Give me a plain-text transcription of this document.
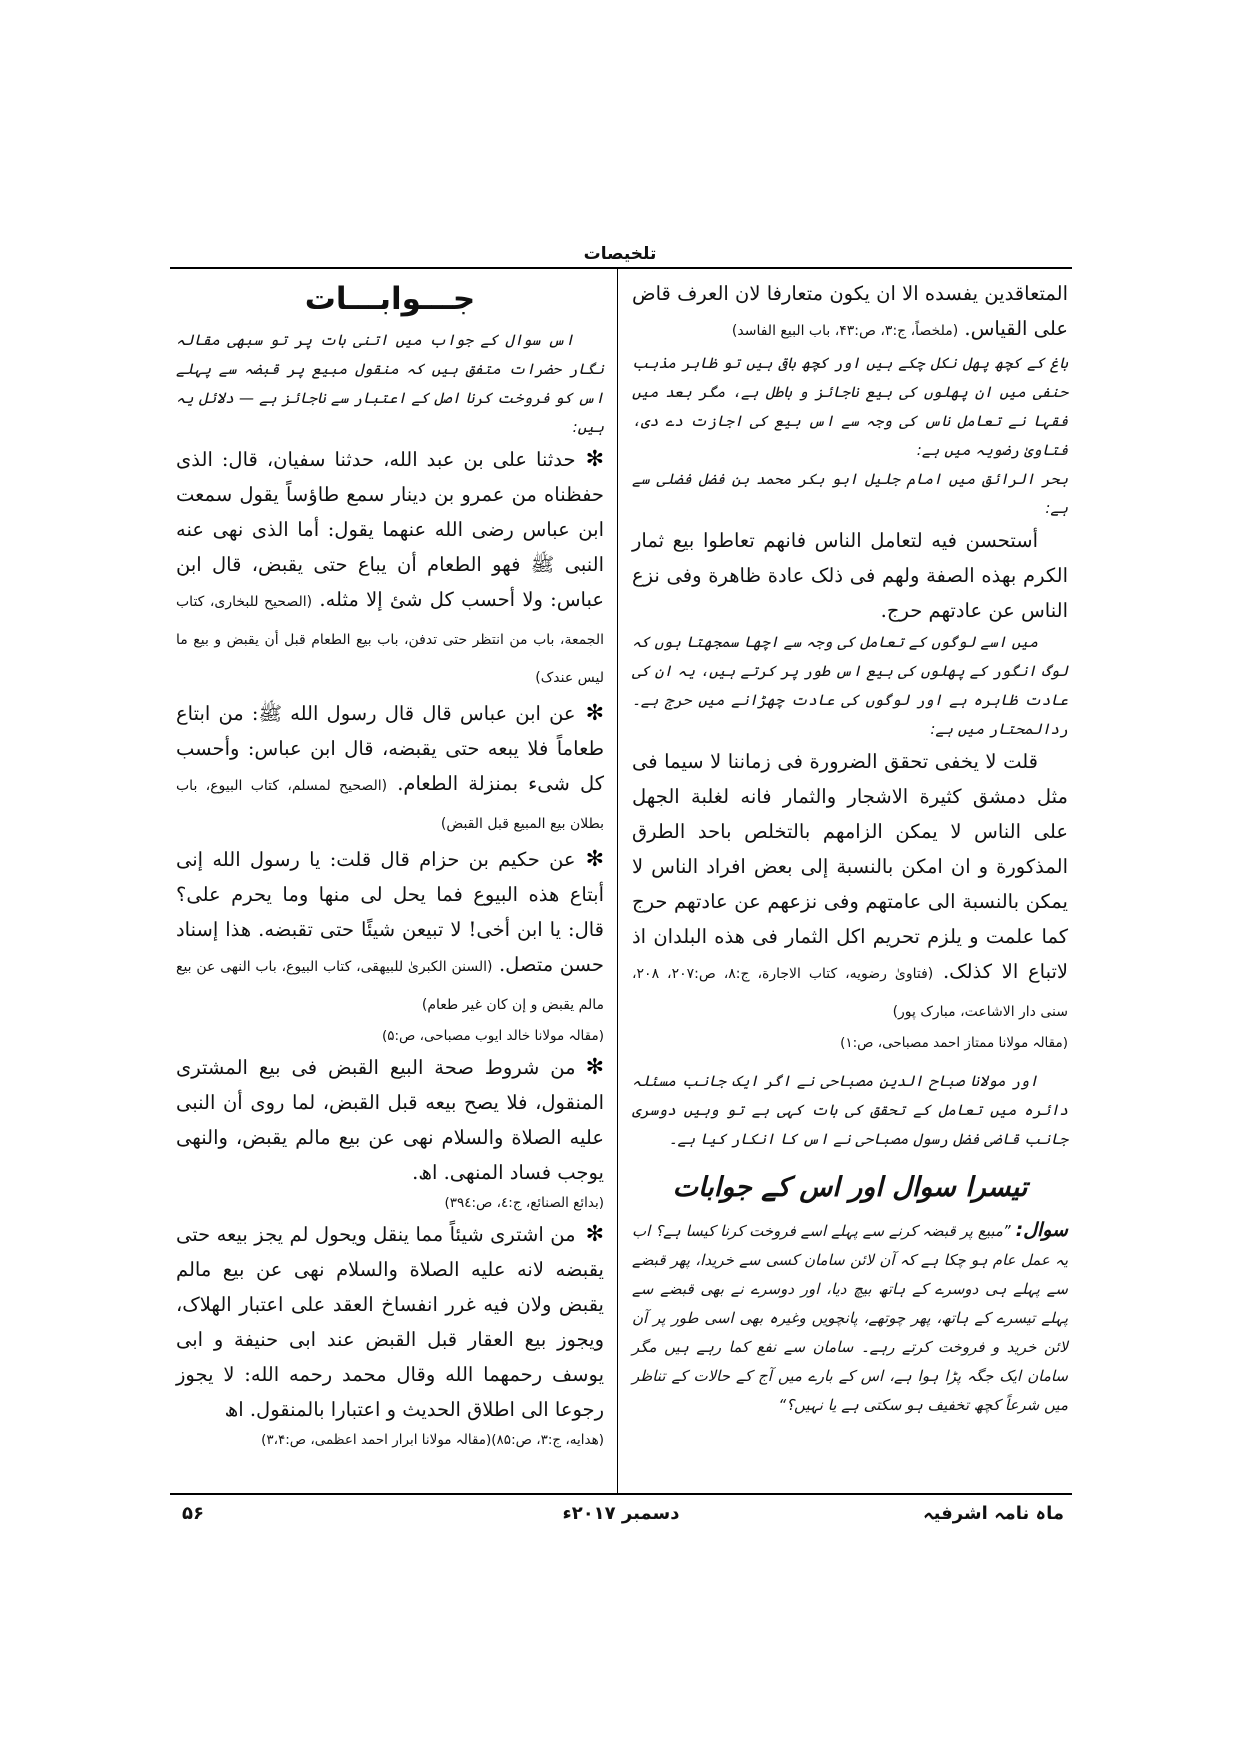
تلخیصات

المتعاقدین یفسده الا ان یکون متعارفا لان العرف قاض علی القیاس. (ملخصاً، ج:۳، ص:۴۳، باب البیع الفاسد)

باغ کے کچھ پھل نکل چکے ہیں اور کچھ باقی ہیں تو ظاہر مذہب حنفی میں ان پھلوں کی بیع ناجائز و باطل ہے، مگر بعد میں فقہا نے تعامل ناس کی وجہ سے اس بیع کی اجازت دے دی، فتاویٰ رضویہ میں ہے:

بحر الرائق میں امام جلیل ابو بکر محمد بن فضل فضلی سے ہے:

أستحسن فیه لتعامل الناس فانهم تعاطوا بیع ثمار الکرم بهذه الصفة ولهم فی ذلک عادة ظاهرة وفی نزع الناس عن عادتهم حرج.

میں اسے لوگوں کے تعامل کی وجہ سے اچھا سمجھتا ہوں کہ لوگ انگور کے پھلوں کی بیع اس طور پر کرتے ہیں، یہ ان کی عادت ظاہرہ ہے اور لوگوں کی عادت چھڑانے میں حرج ہے۔ ردالمحتار میں ہے:

قلت لا یخفی تحقق الضرورة فی زماننا لا سیما فی مثل دمشق کثیرة الاشجار والثمار فانه لغلبة الجهل علی الناس لا یمکن الزامهم بالتخلص باحد الطرق المذکورة و ان امکن بالنسبة إلی بعض افراد الناس لا یمکن بالنسبة الی عامتهم وفی نزعهم عن عادتهم حرج کما علمت و یلزم تحریم اکل الثمار فی هذه البلدان اذ لاتباع الا کذلک. (فتاویٰ رضویه، کتاب الاجارة، ج:۸، ص:۲۰۷، ۲۰۸، سنی دار الاشاعت، مبارک پور)

(مقالہ مولانا ممتاز احمد مصباحی، ص:۱)

اور مولانا صباح الدین مصباحی نے اگر ایک جانب مسئلہ دائرہ میں تعامل کے تحقق کی بات کہی ہے تو وہیں دوسری جانب قاضی فضل رسول مصباحی نے اس کا انکار کیا ہے۔

تیسرا سوال اور اس کے جوابات

سوال: ”مبیع پر قبضہ کرنے سے پہلے اسے فروخت کرنا کیسا ہے؟ اب یہ عمل عام ہو چکا ہے کہ آن لائن سامان کسی سے خریدا، پھر قبضے سے پہلے ہی دوسرے کے ہاتھ بیچ دیا، اور دوسرے نے بھی قبضے سے پہلے تیسرے کے ہاتھ، پھر چوتھے، پانچویں وغیرہ بھی اسی طور پر آن لائن خرید و فروخت کرتے رہے۔ سامان سے نفع کما رہے ہیں مگر سامان ایک جگہ پڑا ہوا ہے، اس کے بارے میں آج کے حالات کے تناظر میں شرعاً کچھ تخفیف ہو سکتی ہے یا نہیں؟“

جـــوابـــات

اس سوال کے جواب میں اتنی بات پر تو سبھی مقالہ نگار حضرات متفق ہیں کہ منقول مبیع پر قبضہ سے پہلے اس کو فروخت کرنا اصل کے اعتبار سے ناجائز ہے — دلائل یہ ہیں:

✻حدثنا علی بن عبد الله، حدثنا سفیان، قال: الذی حفظناه من عمرو بن دینار سمع طاؤساً یقول سمعت ابن عباس رضی الله عنهما یقول: أما الذی نهی عنه النبی ﷺ فهو الطعام أن یباع حتی یقبض، قال ابن عباس: ولا أحسب کل شئ إلا مثله. (الصحیح للبخاری، کتاب الجمعة، باب من انتظر حتی تدفن، باب بیع الطعام قبل أن یقبض و بیع ما لیس عندک)

✻عن ابن عباس قال قال رسول الله ﷺ: من ابتاع طعاماً فلا یبعه حتی یقبضه، قال ابن عباس: وأحسب کل شیء بمنزلة الطعام. (الصحیح لمسلم، کتاب البیوع، باب بطلان بیع المبیع قبل القبض)

✻عن حکیم بن حزام قال قلت: یا رسول الله إنی أبتاع هذه البیوع فما یحل لی منها وما یحرم علی؟ قال: یا ابن أخی! لا تبیعن شیئًا حتی تقبضه. هذا إسناد حسن متصل. (السنن الکبریٰ للبیهقی، کتاب البیوع، باب النهی عن بیع مالم یقبض و إن کان غیر طعام)

(مقالہ مولانا خالد ایوب مصباحی، ص:۵)

✻من شروط صحة البیع القبض فی بیع المشتری المنقول، فلا یصح بیعه قبل القبض، لما روی أن النبی علیه الصلاة والسلام نهی عن بیع مالم یقبض، والنهی یوجب فساد المنهی. اھ.

(بدائع الصنائع، ج:٤، ص:٣٩٤)

✻من اشتری شیئاً مما ینقل ویحول لم یجز بیعه حتی یقبضه لانه علیه الصلاة والسلام نهی عن بیع مالم یقبض ولان فیه غرر انفساخ العقد علی اعتبار الهلاک، ویجوز بیع العقار قبل القبض عند ابی حنیفة و ابی یوسف رحمهما الله وقال محمد رحمه الله: لا یجوز رجوعا الی اطلاق الحدیث و اعتبارا بالمنقول. اھ

(هدایه، ج:۳، ص:۸۵)(مقالہ مولانا ابرار احمد اعظمی، ص:۳،۴)

ماہ نامہ اشرفیہ
دسمبر ۲۰۱۷ء
۵۶
